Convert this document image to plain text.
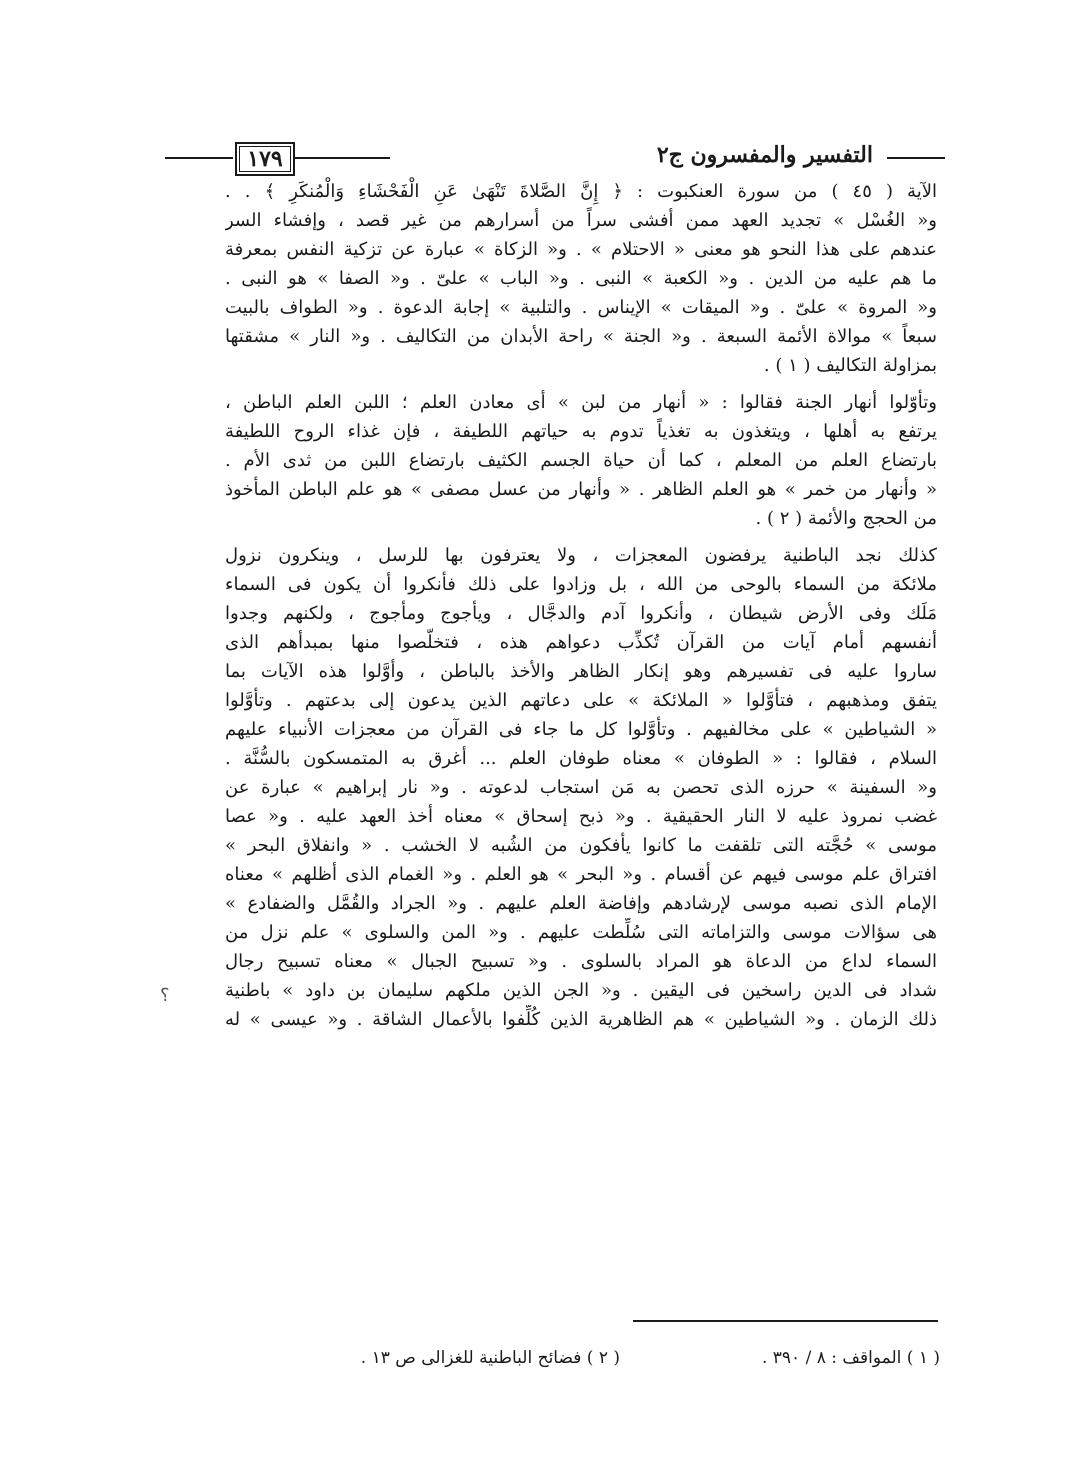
التفسير والمفسرون ج٢
١٧٩
الآية ( ٤٥ ) من سورة العنكبوت : ﴿ إِنَّ الصَّلاةَ تَنْهَىٰ عَنِ الْفَحْشَاءِ وَالْمُنكَرِ ﴾ . .
و« الغُسْل » تجديد العهد ممن أفشى سراً من أسرارهم من غير قصد ، وإفشاء السر
عندهم على هذا النحو هو معنى « الاحتلام » . و« الزكاة » عبارة عن تزكية النفس بمعرفة
ما هم عليه من الدين . و« الكعبة » النبى . و« الباب » علىّ . و« الصفا » هو النبى .
و« المروة » علىّ . و« الميقات » الإيناس . والتلبية » إجابة الدعوة . و« الطواف بالبيت
سبعاً » موالاة الأئمة السبعة . و« الجنة » راحة الأبدان من التكاليف . و« النار » مشقتها
بمزاولة التكاليف ( ١ ) .
وتأوّلوا أنهار الجنة فقالوا : « أنهار من لبن » أى معادن العلم ؛ اللبن العلم الباطن ،
يرتفع به أهلها ، ويتغذون به تغذياً تدوم به حياتهم اللطيفة ، فإن غذاء الروح اللطيفة
بارتضاع العلم من المعلم ، كما أن حياة الجسم الكثيف بارتضاع اللبن من ثدى الأم .
« وأنهار من خمر » هو العلم الظاهر . « وأنهار من عسل مصفى » هو علم الباطن المأخوذ
من الحجج والأئمة ( ٢ ) .
كذلك نجد الباطنية يرفضون المعجزات ، ولا يعترفون بها للرسل ، وينكرون نزول
ملائكة من السماء بالوحى من الله ، بل وزادوا على ذلك فأنكروا أن يكون فى السماء
مَلَك وفى الأرض شيطان ، وأنكروا آدم والدجَّال ، ويأجوج ومأجوج ، ولكنهم وجدوا
أنفسهم أمام آيات من القرآن تُكذِّب دعواهم هذه ، فتخلَّصوا منها بمبدأهم الذى
ساروا عليه فى تفسيرهم وهو إنكار الظاهر والأخذ بالباطن ، وأوَّلوا هذه الآيات بما
يتفق ومذهبهم ، فتأوَّلوا « الملائكة » على دعاتهم الذين يدعون إلى بدعتهم . وتأوَّلوا
« الشياطين » على مخالفيهم . وتأوَّلوا كل ما جاء فى القرآن من معجزات الأنبياء عليهم
السلام ، فقالوا : « الطوفان » معناه طوفان العلم ... أغرق به المتمسكون بالسُّنَّة .
و« السفينة » حرزه الذى تحصن به مَن استجاب لدعوته . و« نار إبراهيم » عبارة عن
غضب نمروذ عليه لا النار الحقيقية . و« ذبح إسحاق » معناه أخذ العهد عليه . و« عصا
موسى » حُجَّته التى تلقفت ما كانوا يأفكون من الشُبه لا الخشب . « وانفلاق البحر »
افتراق علم موسى فيهم عن أقسام . و« البحر » هو العلم . و« الغمام الذى أظلهم » معناه
الإمام الذى نصبه موسى لإرشادهم وإفاضة العلم عليهم . و« الجراد والقُمَّل والضفادع »
هى سؤالات موسى والتزاماته التى سُلِّطت عليهم . و« المن والسلوى » علم نزل من
السماء لداع من الدعاة هو المراد بالسلوى . و« تسبيح الجبال » معناه تسبيح رجال
شداد فى الدين راسخين فى اليقين . و« الجن الذين ملكهم سليمان بن داود » باطنية
ذلك الزمان . و« الشياطين » هم الظاهرية الذين كُلِّفوا بالأعمال الشاقة . و« عيسى » له
؟
( ١ ) المواقف : ٨ / ٣٩٠ .
( ٢ ) فضائح الباطنية للغزالى ص ١٣ .
